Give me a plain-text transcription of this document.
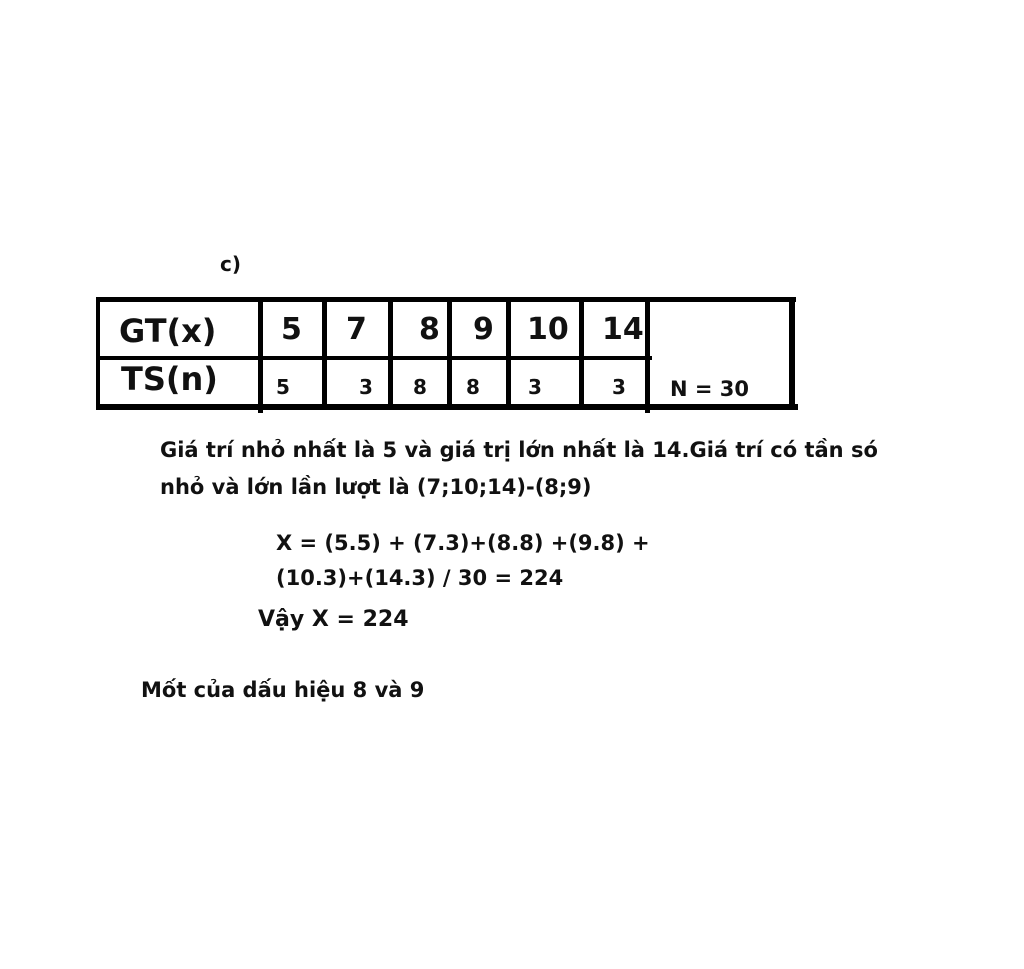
c)
GT(x)
TS(n)
5 7 8 9 10 14
5	3 8 8 3	3 N = 30
Giá trí nhỏ nhất là 5 và giá trị lớn nhất là 14.Giá trí có tần só
nhỏ và lớn lần lượt là (7;10;14)-(8;9)
X = (5.5) + (7.3)+(8.8) +(9.8) +
(10.3)+(14.3) / 30 = 224
Vậy X = 224
Mốt của dấu hiệu 8 và 9
